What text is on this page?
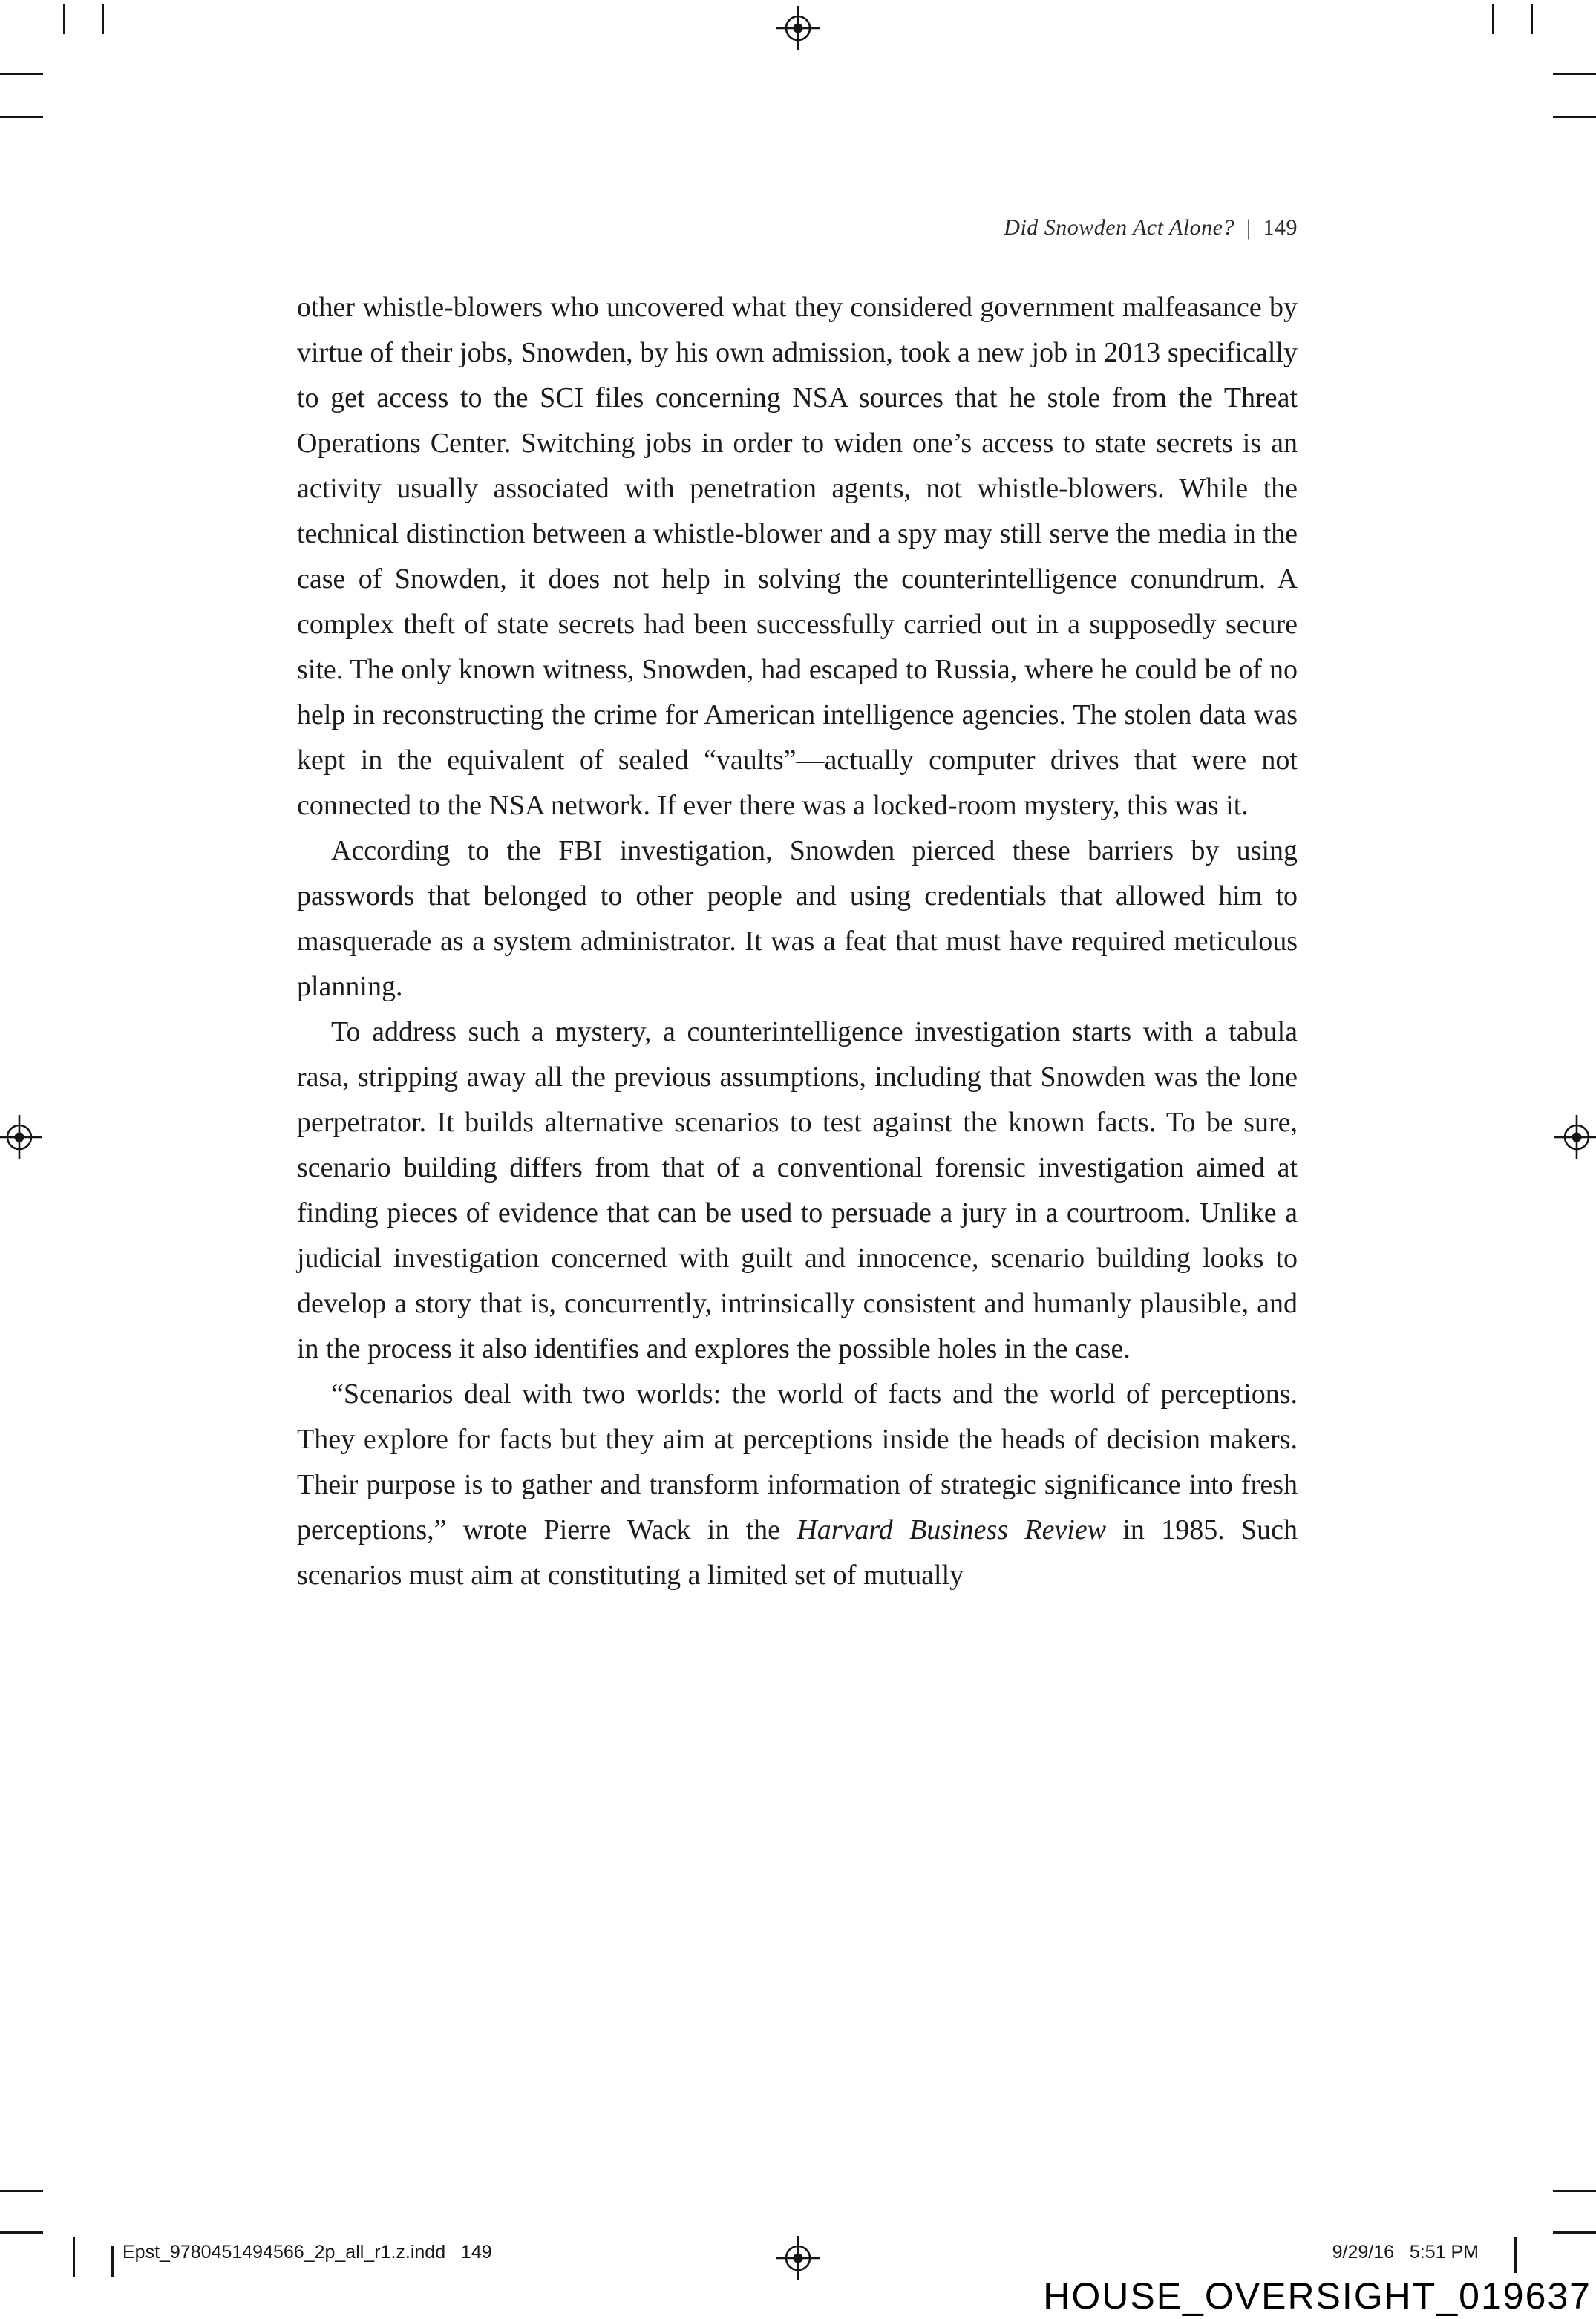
Did Snowden Act Alone? | 149

other whistle-blowers who uncovered what they considered government malfeasance by virtue of their jobs, Snowden, by his own admission, took a new job in 2013 specifically to get access to the SCI files concerning NSA sources that he stole from the Threat Operations Center. Switching jobs in order to widen one’s access to state secrets is an activity usually associated with penetration agents, not whistle-blowers. While the technical distinction between a whistle-blower and a spy may still serve the media in the case of Snowden, it does not help in solving the counterintelligence conundrum. A complex theft of state secrets had been successfully carried out in a supposedly secure site. The only known witness, Snowden, had escaped to Russia, where he could be of no help in reconstructing the crime for American intelligence agencies. The stolen data was kept in the equivalent of sealed “vaults”—actually computer drives that were not connected to the NSA network. If ever there was a locked-room mystery, this was it.

According to the FBI investigation, Snowden pierced these barriers by using passwords that belonged to other people and using credentials that allowed him to masquerade as a system administrator. It was a feat that must have required meticulous planning.

To address such a mystery, a counterintelligence investigation starts with a tabula rasa, stripping away all the previous assumptions, including that Snowden was the lone perpetrator. It builds alternative scenarios to test against the known facts. To be sure, scenario building differs from that of a conventional forensic investigation aimed at finding pieces of evidence that can be used to persuade a jury in a courtroom. Unlike a judicial investigation concerned with guilt and innocence, scenario building looks to develop a story that is, concurrently, intrinsically consistent and humanly plausible, and in the process it also identifies and explores the possible holes in the case.

“Scenarios deal with two worlds: the world of facts and the world of perceptions. They explore for facts but they aim at perceptions inside the heads of decision makers. Their purpose is to gather and transform information of strategic significance into fresh perceptions,” wrote Pierre Wack in the Harvard Business Review in 1985. Such scenarios must aim at constituting a limited set of mutually

Epst_9780451494566_2p_all_r1.z.indd   149	9/29/16   5:51 PM
HOUSE_OVERSIGHT_019637
